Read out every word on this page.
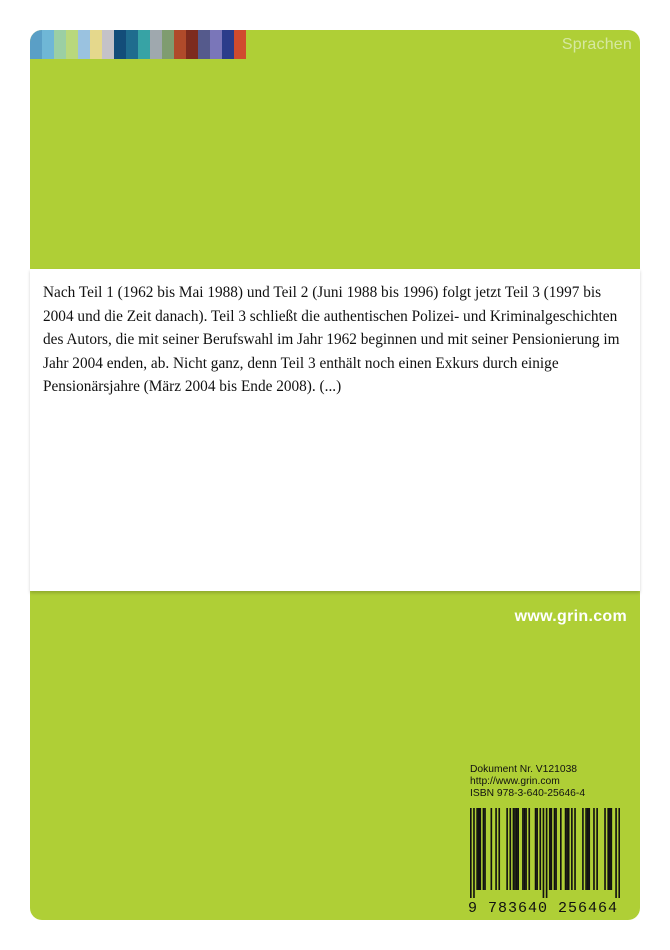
Sprachen
www.grin.com
Dokument Nr. V121038
http://www.grin.com
ISBN 978-3-640-25646-4
9 783640 256464

Nach Teil 1 (1962 bis Mai 1988) und Teil 2 (Juni 1988 bis 1996) folgt jetzt Teil 3 (1997 bis 2004 und die Zeit danach). Teil 3 schließt die authentischen Polizei- und Kriminalgeschichten des Autors, die mit seiner Berufswahl im Jahr 1962 beginnen und mit seiner Pensionierung im Jahr 2004 enden, ab. Nicht ganz, denn Teil 3 enthält noch einen Exkurs durch einige Pensionärsjahre (März 2004 bis Ende 2008). (...)
